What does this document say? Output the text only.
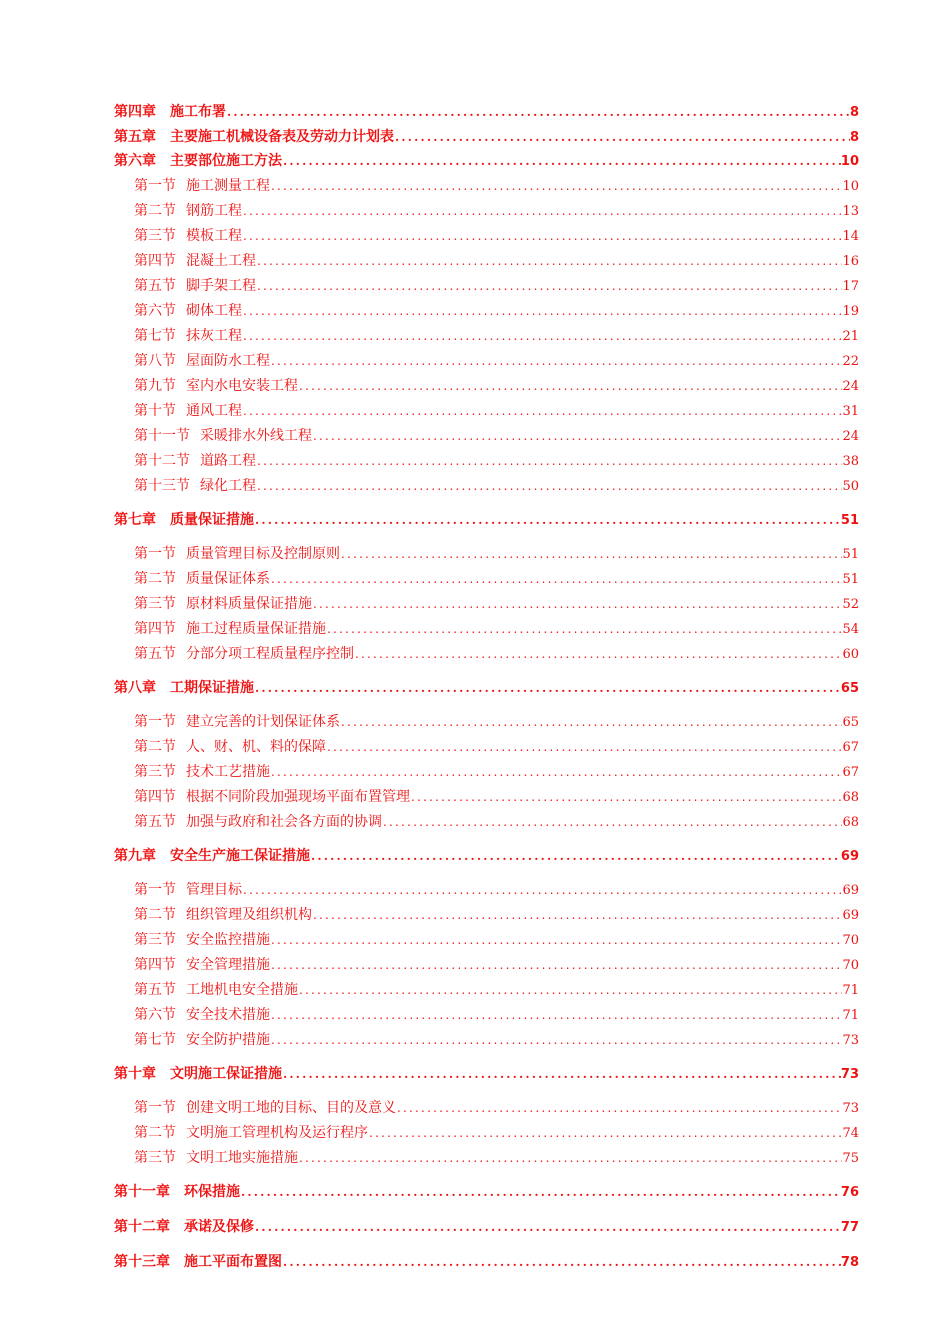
第四章 施工布署 .....	8
第五章 主要施工机械设备表及劳动力计划表 .....	8
第六章 主要部位施工方法 .....	10
第一节 施工测量工程 .....	10
第二节 钢筋工程 .....	13
第三节 模板工程 .....	14
第四节 混凝土工程 .....	16
第五节 脚手架工程 .....	17
第六节 砌体工程 .....	19
第七节 抹灰工程 .....	21
第八节 屋面防水工程 .....	22
第九节 室内水电安装工程 .....	24
第十节 通风工程 .....	31
第十一节 采暖排水外线工程 .....	24
第十二节 道路工程 .....	38
第十三节 绿化工程 .....	50
第七章 质量保证措施 .....	51
第一节 质量管理目标及控制原则 .....	51
第二节 质量保证体系 .....	51
第三节 原材料质量保证措施 .....	52
第四节 施工过程质量保证措施 .....	54
第五节 分部分项工程质量程序控制 .....	60
第八章 工期保证措施 .....	65
第一节 建立完善的计划保证体系 .....	65
第二节 人、财、机、料的保障 .....	67
第三节 技术工艺措施 .....	67
第四节 根据不同阶段加强现场平面布置管理 .....	68
第五节 加强与政府和社会各方面的协调 .....	68
第九章 安全生产施工保证措施 .....	69
第一节 管理目标 .....	69
第二节 组织管理及组织机构 .....	69
第三节 安全监控措施 .....	70
第四节 安全管理措施 .....	70
第五节 工地机电安全措施 .....	71
第六节 安全技术措施 .....	71
第七节 安全防护措施 .....	73
第十章 文明施工保证措施 .....	73
第一节 创建文明工地的目标、目的及意义 .....	73
第二节 文明施工管理机构及运行程序 .....	74
第三节 文明工地实施措施 .....	75
第十一章 环保措施 .....	76
第十二章 承诺及保修 .....	77
第十三章 施工平面布置图 .....	78
